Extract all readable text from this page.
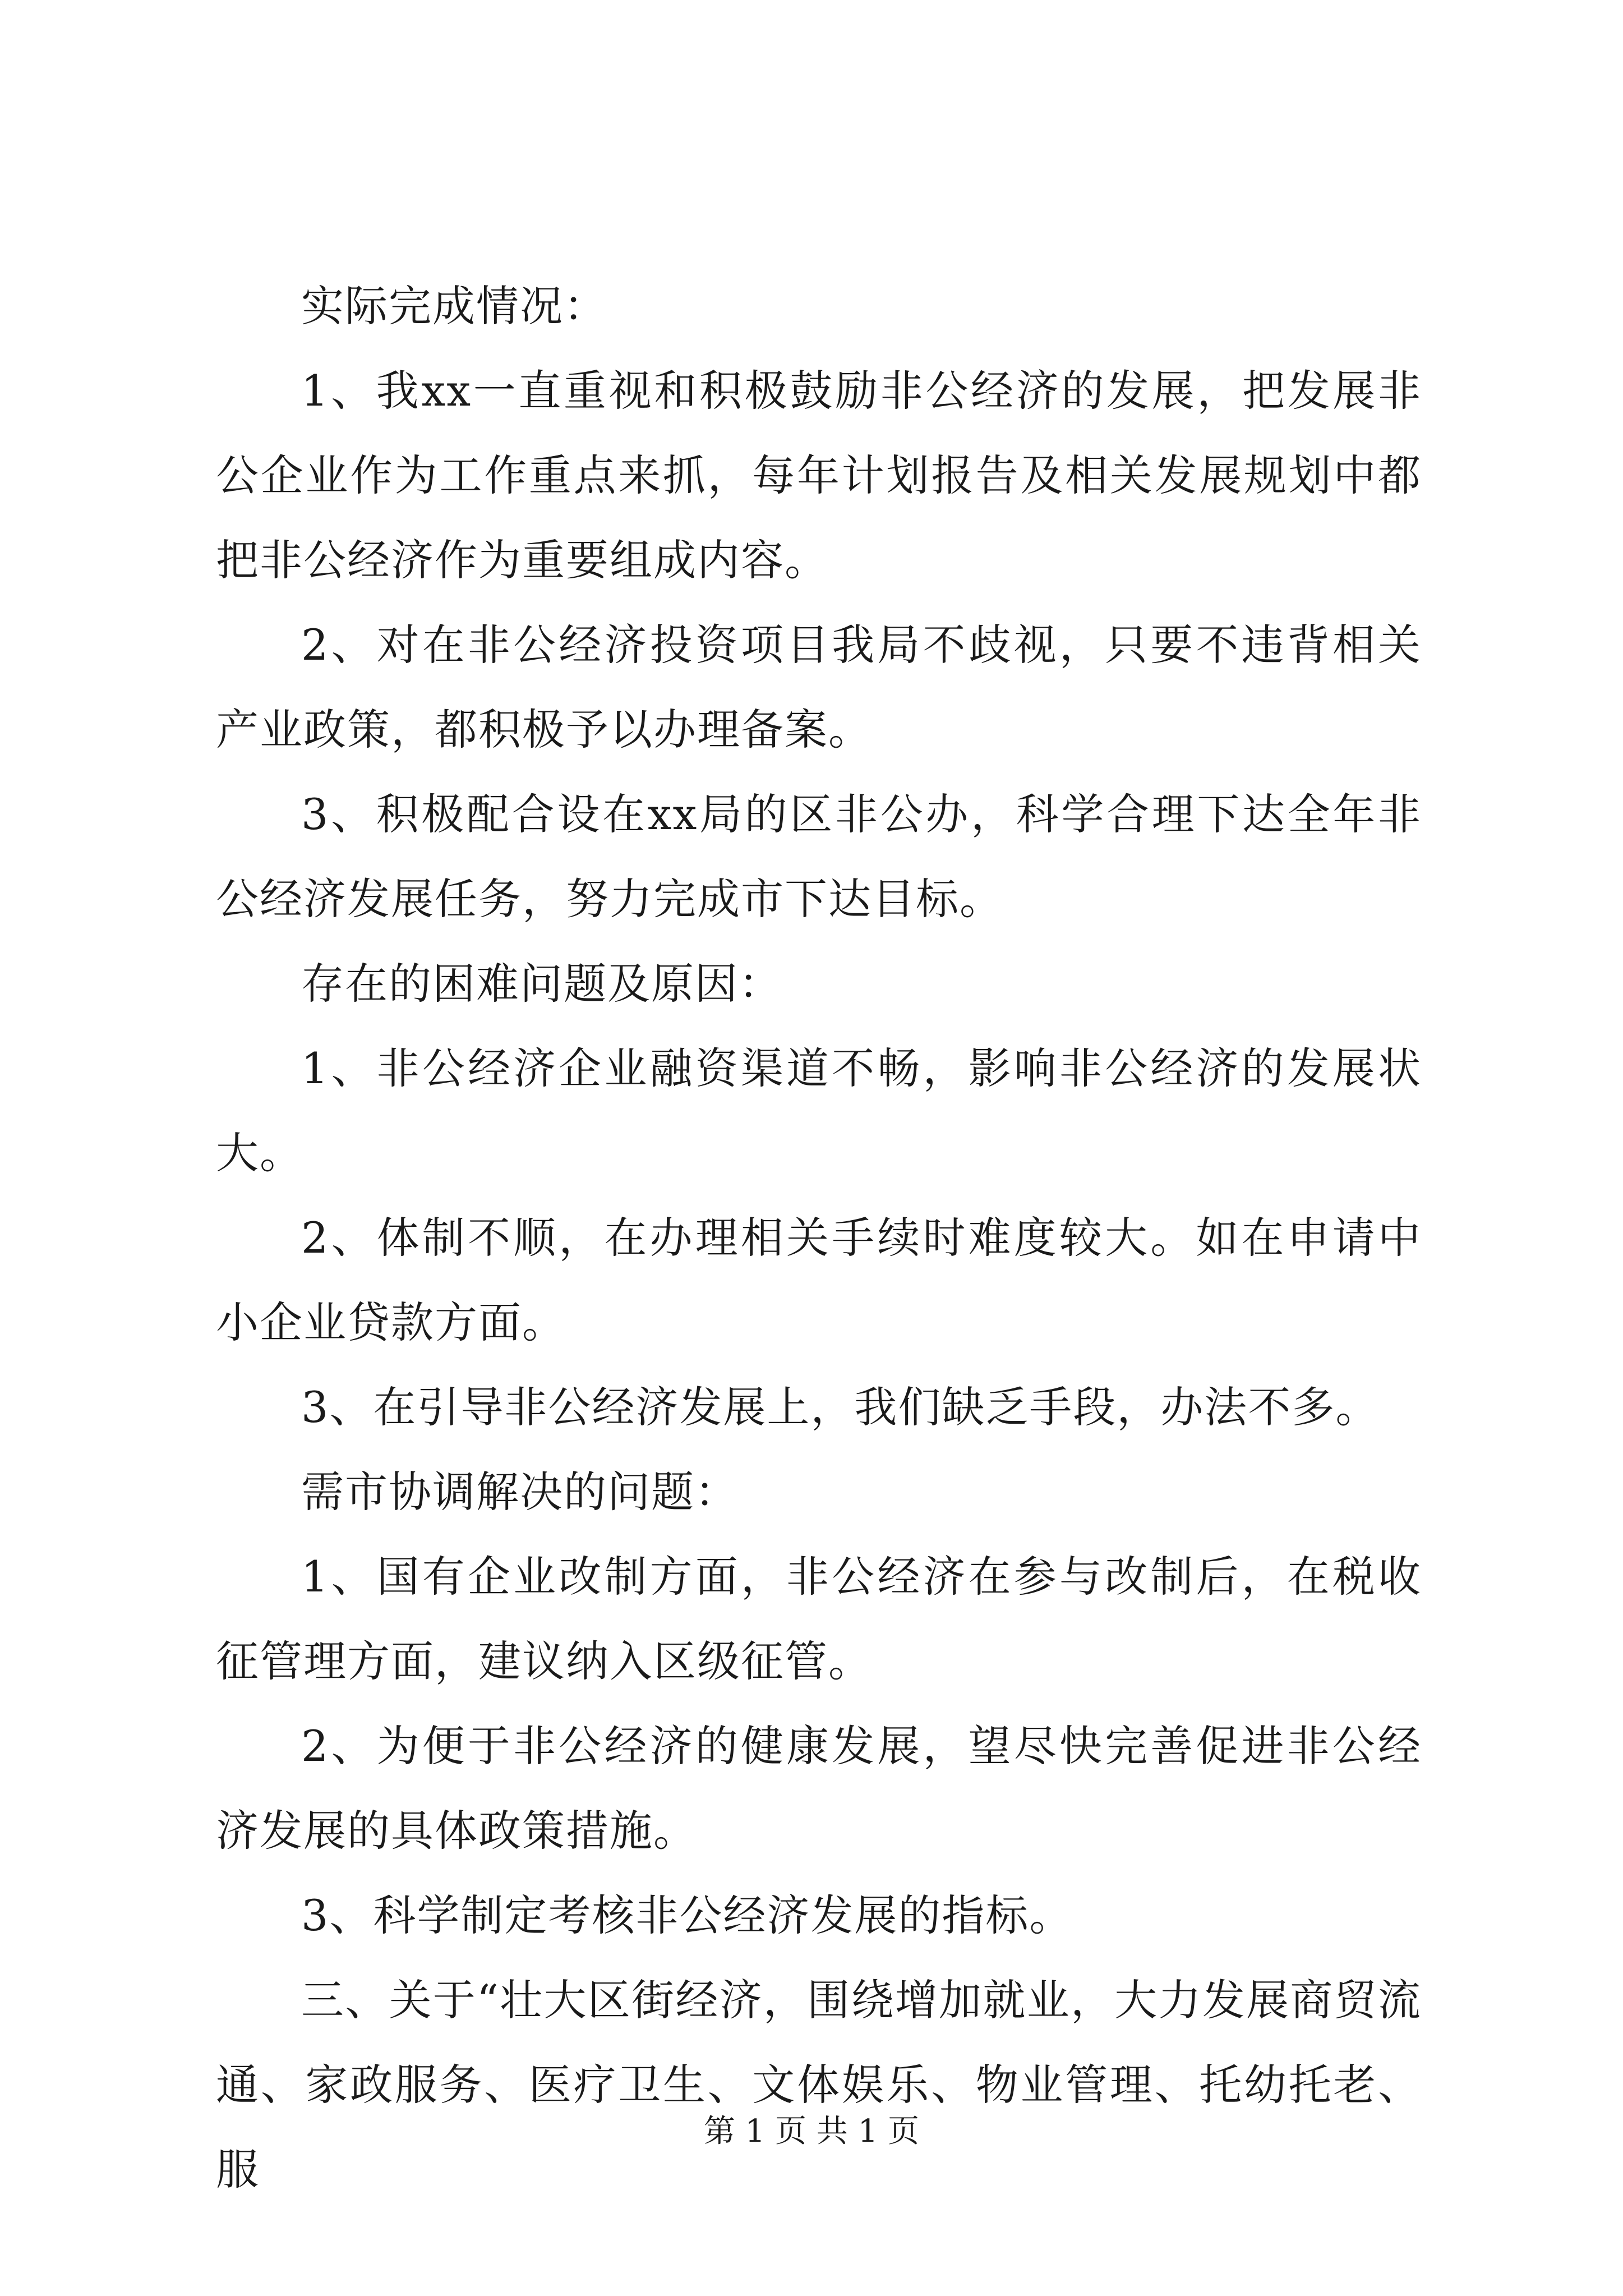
实际完成情况：

1、我xx一直重视和积极鼓励非公经济的发展，把发展非公企业作为工作重点来抓，每年计划报告及相关发展规划中都把非公经济作为重要组成内容。

2、对在非公经济投资项目我局不歧视，只要不违背相关产业政策，都积极予以办理备案。

3、积极配合设在xx局的区非公办，科学合理下达全年非公经济发展任务，努力完成市下达目标。

存在的困难问题及原因：

1、非公经济企业融资渠道不畅，影响非公经济的发展状大。

2、体制不顺，在办理相关手续时难度较大。如在申请中小企业贷款方面。

3、在引导非公经济发展上，我们缺乏手段，办法不多。

需市协调解决的问题：

1、国有企业改制方面，非公经济在参与改制后，在税收征管理方面，建议纳入区级征管。

2、为便于非公经济的健康发展，望尽快完善促进非公经济发展的具体政策措施。

3、科学制定考核非公经济发展的指标。

三、关于“壮大区街经济，围绕增加就业，大力发展商贸流通、家政服务、医疗卫生、文体娱乐、物业管理、托幼托老、服

第 1 页 共 1 页
